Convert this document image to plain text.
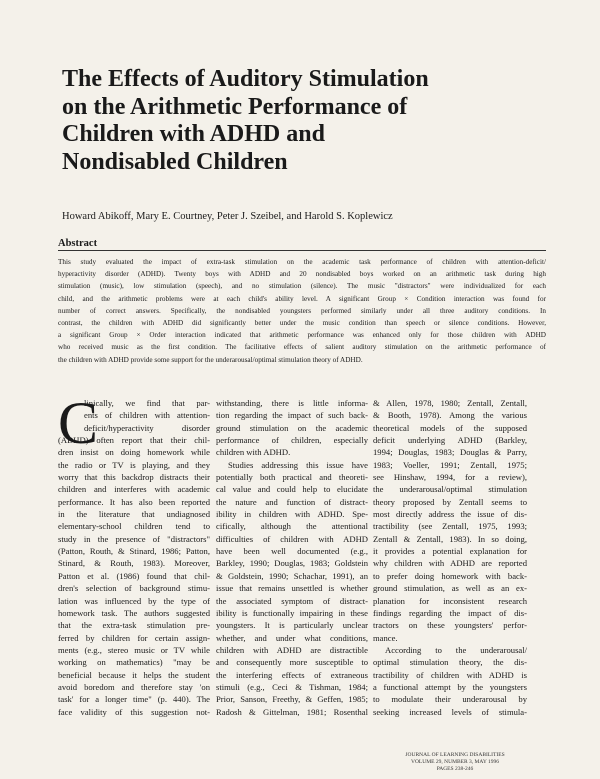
The Effects of Auditory Stimulation
on the Arithmetic Performance of
Children with ADHD and
Nondisabled Children
Howard Abikoff, Mary E. Courtney, Peter J. Szeibel, and Harold S. Koplewicz
Abstract
This study evaluated the impact of extra-task stimulation on the academic task performance of children with attention-deficit/
hyperactivity disorder (ADHD). Twenty boys with ADHD and 20 nondisabled boys worked on an arithmetic task during high
stimulation (music), low stimulation (speech), and no stimulation (silence). The music "distractors" were individualized for each
child, and the arithmetic problems were at each child's ability level. A significant Group × Condition interaction was found for
number of correct answers. Specifically, the nondisabled youngsters performed similarly under all three auditory conditions. In
contrast, the children with ADHD did significantly better under the music condition than speech or silence conditions. However,
a significant Group × Order interaction indicated that arithmetic performance was enhanced only for those children with ADHD
who received music as the first condition. The facilitative effects of salient auditory stimulation on the arithmetic performance of
the children with ADHD provide some support for the underarousal/optimal stimulation theory of ADHD.
C
linically, we find that par-
ents of children with attention-
deficit/hyperactivity disorder
(ADHD) often report that their chil-
dren insist on doing homework while
the radio or TV is playing, and they
worry that this backdrop distracts their
children and interferes with academic
performance. It has also been reported
in the literature that undiagnosed
elementary-school children tend to
study in the presence of "distractors"
(Patton, Routh, & Stinard, 1986; Patton,
Stinard, & Routh, 1983). Moreover,
Patton et al. (1986) found that chil-
dren's selection of background stimu-
lation was influenced by the type of
homework task. The authors suggested
that the extra-task stimulation pre-
ferred by children for certain assign-
ments (e.g., stereo music or TV while
working on mathematics) "may be
beneficial because it helps the student
avoid boredom and therefore stay 'on
task' for a longer time" (p. 440). The
face validity of this suggestion not-
withstanding, there is little informa-
tion regarding the impact of such back-
ground stimulation on the academic
performance of children, especially
children with ADHD.
Studies addressing this issue have
potentially both practical and theoreti-
cal value and could help to elucidate
the nature and function of distract-
ibility in children with ADHD. Spe-
cifically, although the attentional
difficulties of children with ADHD
have been well documented (e.g.,
Barkley, 1990; Douglas, 1983; Goldstein
& Goldstein, 1990; Schachar, 1991), an
issue that remains unsettled is whether
the associated symptom of distract-
ibility is functionally impairing in these
youngsters. It is particularly unclear
whether, and under what conditions,
children with ADHD are distractible
and consequently more susceptible to
the interfering effects of extraneous
stimuli (e.g., Ceci & Tishman, 1984;
Prior, Sanson, Freethy, & Geffen, 1985;
Radosh & Gittelman, 1981; Rosenthal
& Allen, 1978, 1980; Zentall, Zentall,
& Booth, 1978). Among the various
theoretical models of the supposed
deficit underlying ADHD (Barkley,
1994; Douglas, 1983; Douglas & Parry,
1983; Voeller, 1991; Zentall, 1975;
see Hinshaw, 1994, for a review),
the underarousal/optimal stimulation
theory proposed by Zentall seems to
most directly address the issue of dis-
tractibility (see Zentall, 1975, 1993;
Zentall & Zentall, 1983). In so doing,
it provides a potential explanation for
why children with ADHD are reported
to prefer doing homework with back-
ground stimulation, as well as an ex-
planation for inconsistent research
findings regarding the impact of dis-
tractors on these youngsters' perfor-
mance.
According to the underarousal/
optimal stimulation theory, the dis-
tractibility of children with ADHD is
a functional attempt by the youngsters
to modulate their underarousal by
seeking increased levels of stimula-
JOURNAL OF LEARNING DISABILITIES
VOLUME 29, NUMBER 3, MAY 1996
PAGES 238-246
